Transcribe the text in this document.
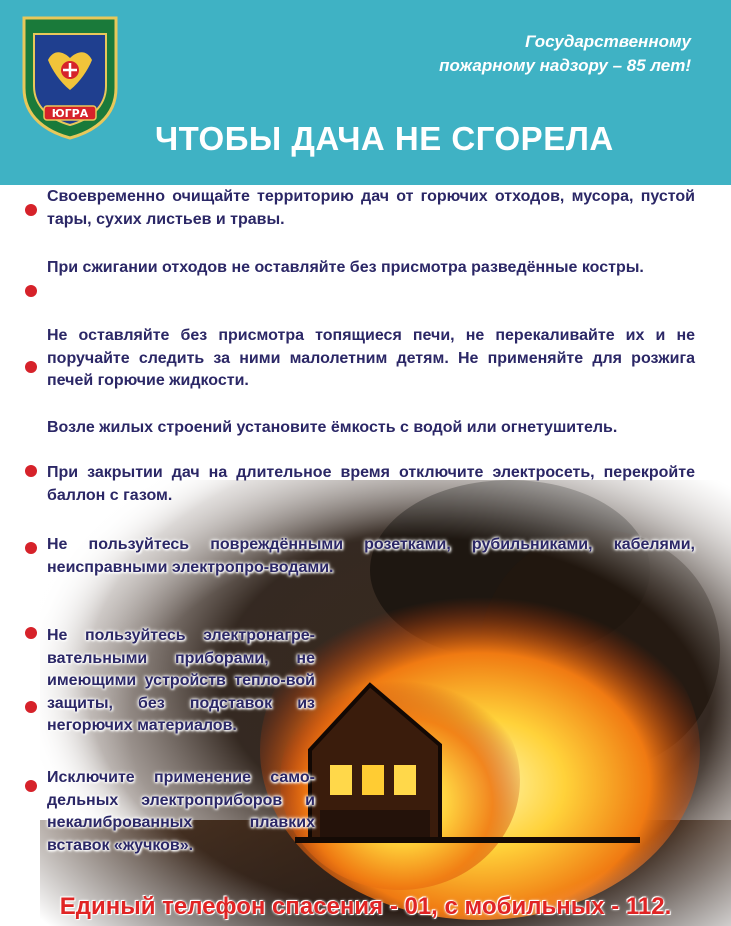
ЮГРА
Государственному
пожарному надзору – 85 лет!
ЧТОБЫ ДАЧА НЕ СГОРЕЛА
Своевременно очищайте территорию дач от горючих отходов, мусора, пустой тары, сухих листьев и травы.
При сжигании отходов не оставляйте без присмотра разведённые костры.
Не оставляйте без присмотра топящиеся печи, не перекаливайте их и не поручайте следить за ними малолетним детям. Не применяйте для розжига печей горючие жидкости.
Возле жилых строений установите ёмкость с водой или огнетушитель.
При закрытии дач на длительное время отключите электросеть, перекройте баллон с газом.
Не пользуйтесь повреждёнными розетками, рубильниками, кабелями, неисправными электропро-водами.
Не пользуйтесь электронагре-вательными приборами, не имеющими устройств тепло-вой защиты, без подставок из негорючих материалов.
Исключите применение само-дельных электроприборов и некалиброванных плавких вставок «жучков».
Единый телефон спасения - 01, с мобильных - 112.
